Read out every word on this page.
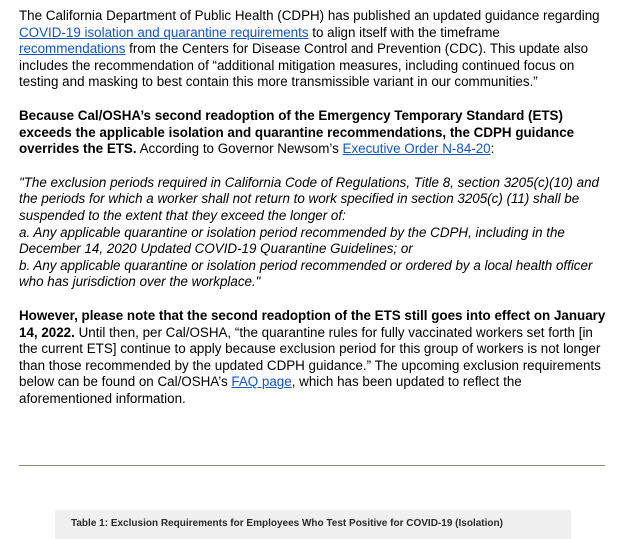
The California Department of Public Health (CDPH) has published an updated guidance regarding COVID-19 isolation and quarantine requirements to align itself with the timeframe recommendations from the Centers for Disease Control and Prevention (CDC). This update also includes the recommendation of “additional mitigation measures, including continued focus on testing and masking to best contain this more transmissible variant in our communities.”

Because Cal/OSHA’s second readoption of the Emergency Temporary Standard (ETS) exceeds the applicable isolation and quarantine recommendations, the CDPH guidance overrides the ETS. According to Governor Newsom’s Executive Order N-84-20:

"The exclusion periods required in California Code of Regulations, Title 8, section 3205(c)(10) and the periods for which a worker shall not return to work specified in section 3205(c) (11) shall be suspended to the extent that they exceed the longer of:
a. Any applicable quarantine or isolation period recommended by the CDPH, including in the December 14, 2020 Updated COVID-19 Quarantine Guidelines; or
b. Any applicable quarantine or isolation period recommended or ordered by a local health officer who has jurisdiction over the workplace."

However, please note that the second readoption of the ETS still goes into effect on January 14, 2022. Until then, per Cal/OSHA, “the quarantine rules for fully vaccinated workers set forth [in the current ETS] continue to apply because exclusion period for this group of workers is not longer than those recommended by the updated CDPH guidance.” The upcoming exclusion requirements below can be found on Cal/OSHA’s FAQ page, which has been updated to reflect the aforementioned information.

Table 1: Exclusion Requirements for Employees Who Test Positive for COVID-19 (Isolation)
